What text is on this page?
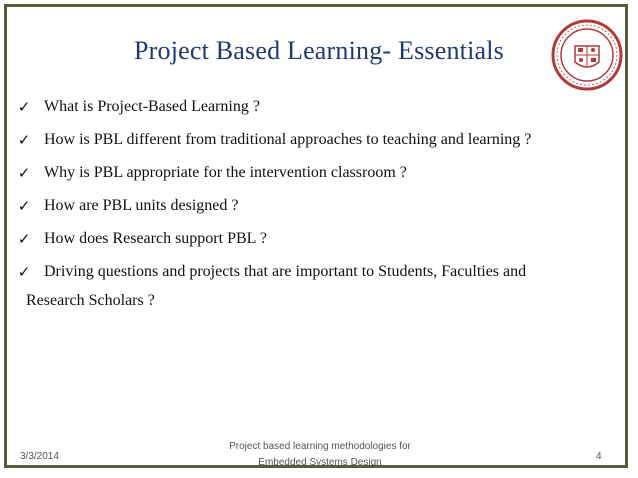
Project Based Learning- Essentials
✓ What is Project-Based Learning ?
✓ How is PBL different from traditional approaches to teaching and learning ?
✓ Why is PBL appropriate for the intervention classroom ?
✓ How are PBL units designed ?
✓ How does Research support PBL ?
✓ Driving questions and projects that are important to Students, Faculties and
Research Scholars ?
3/3/2014
Project based learning methodologies for
Embedded Systems Design
4
